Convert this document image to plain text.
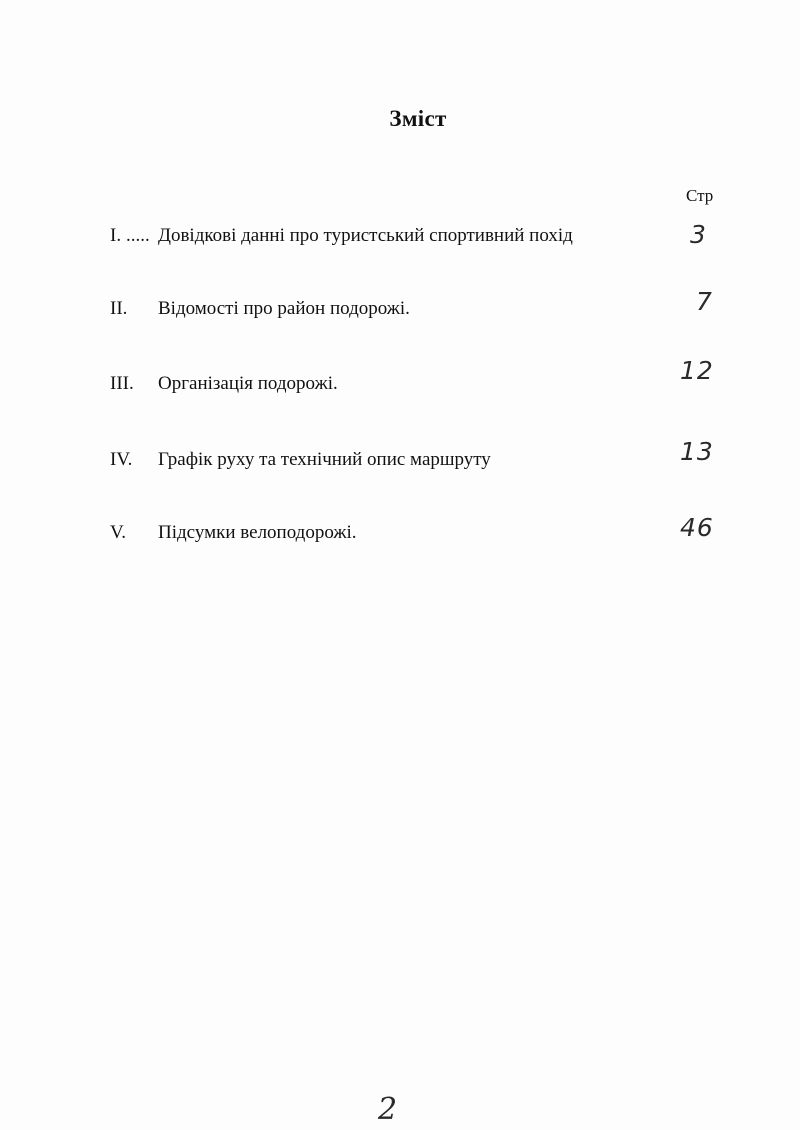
Зміст
Стр
I. ..... Довідкові данні про туристський спортивний похід	3
II. Відомості про район подорожі.	7
III. Організація подорожі.	12
IV. Графік руху та технічний опис маршруту	13
V. Підсумки велоподорожі.	46
2
